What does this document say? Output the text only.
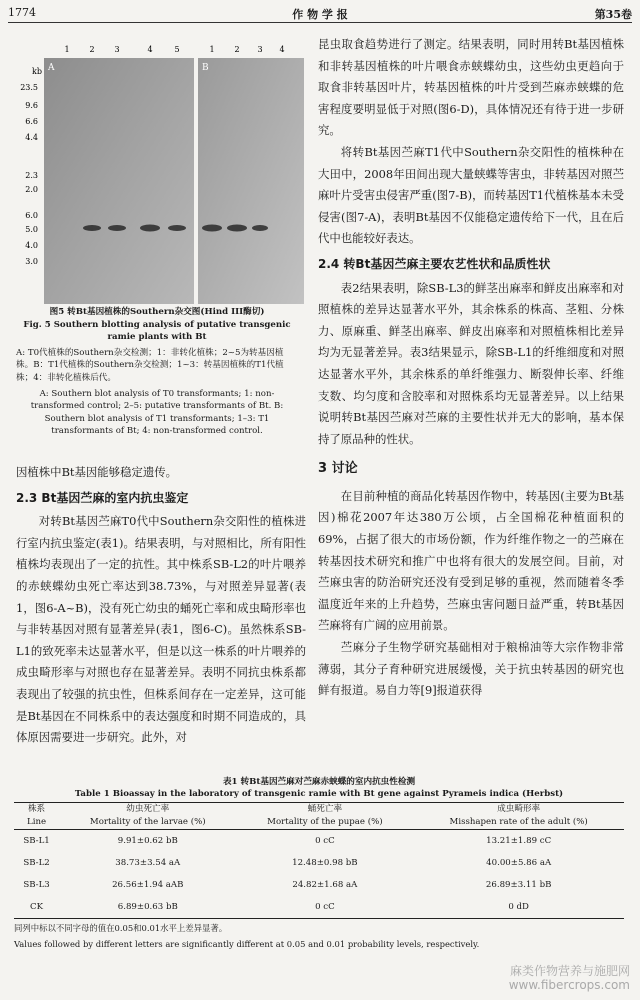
1774	作 物 学 报	第35卷
kb
23.5
9.6
6.6
4.4
2.3
2.0
6.0
5.0
4.0
3.0
1 2 3	4	5	1 2 3 4
A	B
图5 转Bt基因植株的Southern杂交图(Hind III酶切)
Fig. 5 Southern blotting analysis of putative transgenic ramie plants with Bt
A: T0代植株的Southern杂交检测；1：非转化植株；2~5为转基因植株。B：T1代植株的Southern杂交检测；1~3：转基因植株的T1代植株；4：非转化植株后代。
A: Southern blot analysis of T0 transformants; 1: non-transformed control; 2–5: putative transformants of Bt. B: Southern blot analysis of T1 transformants; 1–3: T1 transformants of Bt; 4: non-transformed control.

因植株中Bt基因能够稳定遗传。

2.3 Bt基因苎麻的室内抗虫鉴定

对转Bt基因苎麻T0代中Southern杂交阳性的植株进行室内抗虫鉴定(表1)。结果表明，与对照相比，所有阳性植株均表现出了一定的抗性。其中株系SB-L2的叶片喂养的赤蛱蝶幼虫死亡率达到38.73%，与对照差异显著(表1，图6-A~B)，没有死亡幼虫的蛹死亡率和成虫畸形率也与非转基因对照有显著差异(表1，图6-C)。虽然株系SB-L1的致死率未达显著水平，但是以这一株系的叶片喂养的成虫畸形率与对照也存在显著差异。表明不同抗虫株系都表现出了较强的抗虫性，但株系间存在一定差异，这可能是Bt基因在不同株系中的表达强度和时期不同造成的，具体原因需要进一步研究。此外，对

昆虫取食趋势进行了测定。结果表明，同时用转Bt基因植株和非转基因植株的叶片喂食赤蛱蝶幼虫，这些幼虫更趋向于取食非转基因叶片，转基因植株的叶片受到苎麻赤蛱蝶的危害程度要明显低于对照(图6-D)，具体情况还有待于进一步研究。

将转Bt基因苎麻T1代中Southern杂交阳性的植株种在大田中，2008年田间出现大量蛱蝶等害虫，非转基因对照苎麻叶片受害虫侵害严重(图7-B)，而转基因T1代植株基本未受侵害(图7-A)，表明Bt基因不仅能稳定遗传给下一代，且在后代中也能较好表达。

2.4 转Bt基因苎麻主要农艺性状和品质性状

表2结果表明，除SB-L3的鲜茎出麻率和鲜皮出麻率和对照植株的差异达显著水平外，其余株系的株高、茎粗、分株力、原麻重、鲜茎出麻率、鲜皮出麻率和对照植株相比差异均为无显著差异。表3结果显示，除SB-L1的纤维细度和对照达显著水平外，其余株系的单纤维强力、断裂伸长率、纤维支数、均匀度和含胶率和对照株系均无显著差异。以上结果说明转Bt基因苎麻对苎麻的主要性状并无大的影响，基本保持了原品种的性状。

3 讨论

在目前种植的商品化转基因作物中，转基因(主要为Bt基因)棉花2007年达380万公顷，占全国棉花种植面积的69%，占据了很大的市场份额，作为纤维作物之一的苎麻在转基因技术研究和推广中也将有很大的发展空间。目前，对苎麻虫害的防治研究还没有受到足够的重视，然而随着冬季温度近年来的上升趋势，苎麻虫害问题日益严重，转Bt基因苎麻将有广阔的应用前景。

苎麻分子生物学研究基础相对于粮棉油等大宗作物非常薄弱，其分子育种研究进展缓慢，关于抗虫转基因的研究也鲜有报道。易自力等[9]报道获得

表1 转Bt基因苎麻对苎麻赤蛱蝶的室内抗虫性检测
Table 1 Bioassay in the laboratory of transgenic ramie with Bt gene against Pyrameis indica (Herbst)
株系	幼虫死亡率	蛹死亡率	成虫畸形率
Line	Mortality of the larvae (%)	Mortality of the pupae (%)	Misshapen rate of the adult (%)
SB-L1	9.91±0.62 bB	0 cC	13.21±1.89 cC
SB-L2	38.73±3.54 aA	12.48±0.98 bB	40.00±5.86 aA
SB-L3	26.56±1.94 aAB	24.82±1.68 aA	26.89±3.11 bB
CK	6.89±0.63 bB	0 cC	0 dD
同列中标以不同字母的值在0.05和0.01水平上差异显著。
Values followed by different letters are significantly different at 0.05 and 0.01 probability levels, respectively.
麻类作物营养与施肥网
www.fibercrops.com
